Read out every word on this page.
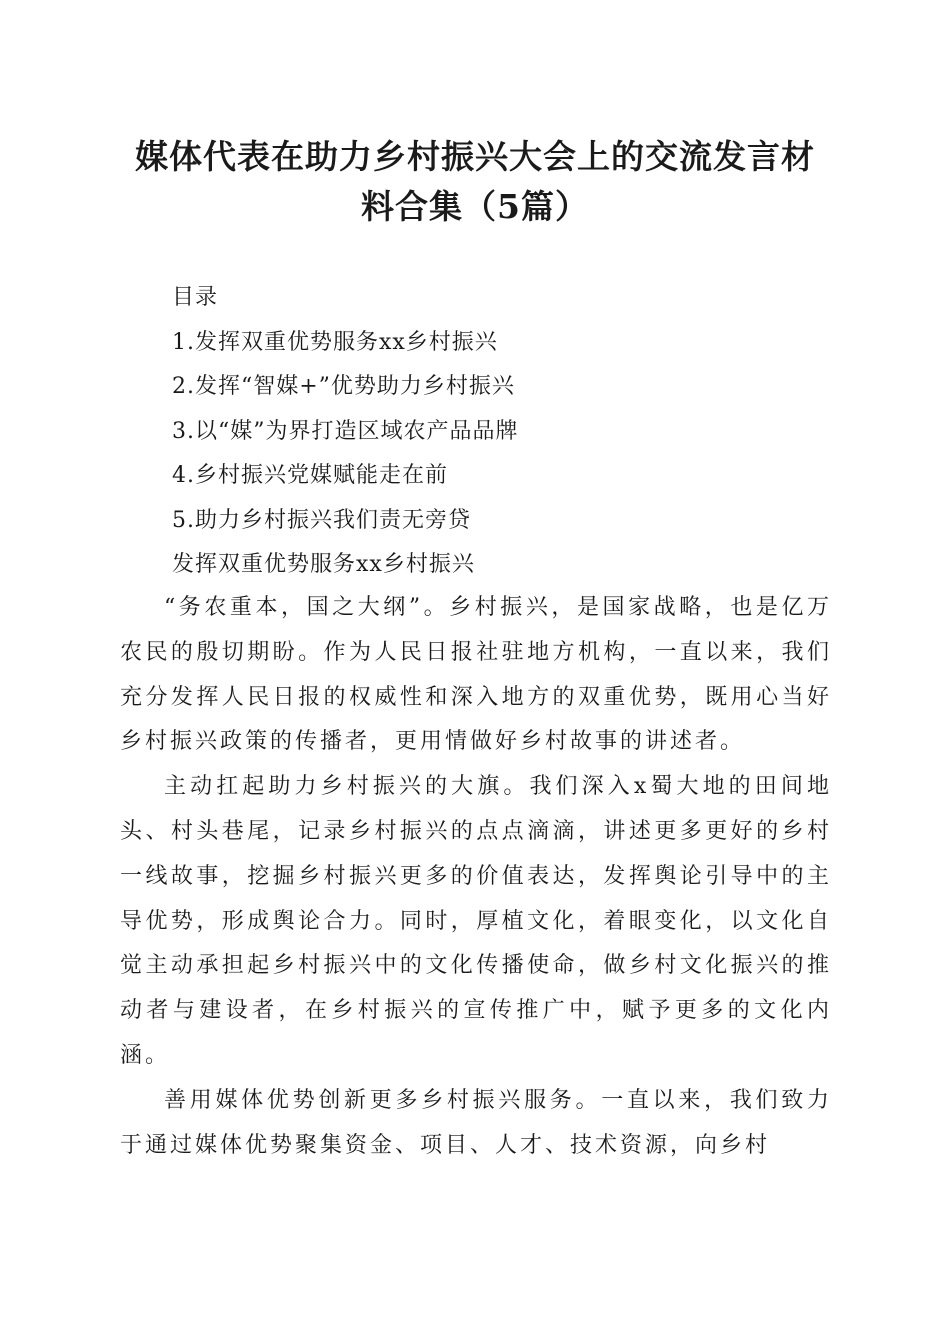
媒体代表在助力乡村振兴大会上的交流发言材
料合集（5篇）
目录
1.发挥双重优势服务xx乡村振兴
2.发挥“智媒+”优势助力乡村振兴
3.以“媒”为界打造区域农产品品牌
4.乡村振兴党媒赋能走在前
5.助力乡村振兴我们责无旁贷
发挥双重优势服务xx乡村振兴

“务农重本，国之大纲”。乡村振兴，是国家战略，也是亿万农民的殷切期盼。作为人民日报社驻地方机构，一直以来，我们充分发挥人民日报的权威性和深入地方的双重优势，既用心当好乡村振兴政策的传播者，更用情做好乡村故事的讲述者。

主动扛起助力乡村振兴的大旗。我们深入x蜀大地的田间地头、村头巷尾，记录乡村振兴的点点滴滴，讲述更多更好的乡村一线故事，挖掘乡村振兴更多的价值表达，发挥舆论引导中的主导优势，形成舆论合力。同时，厚植文化，着眼变化，以文化自觉主动承担起乡村振兴中的文化传播使命，做乡村文化振兴的推动者与建设者，在乡村振兴的宣传推广中，赋予更多的文化内涵。

善用媒体优势创新更多乡村振兴服务。一直以来，我们致力于通过媒体优势聚集资金、项目、人才、技术资源，向乡村
